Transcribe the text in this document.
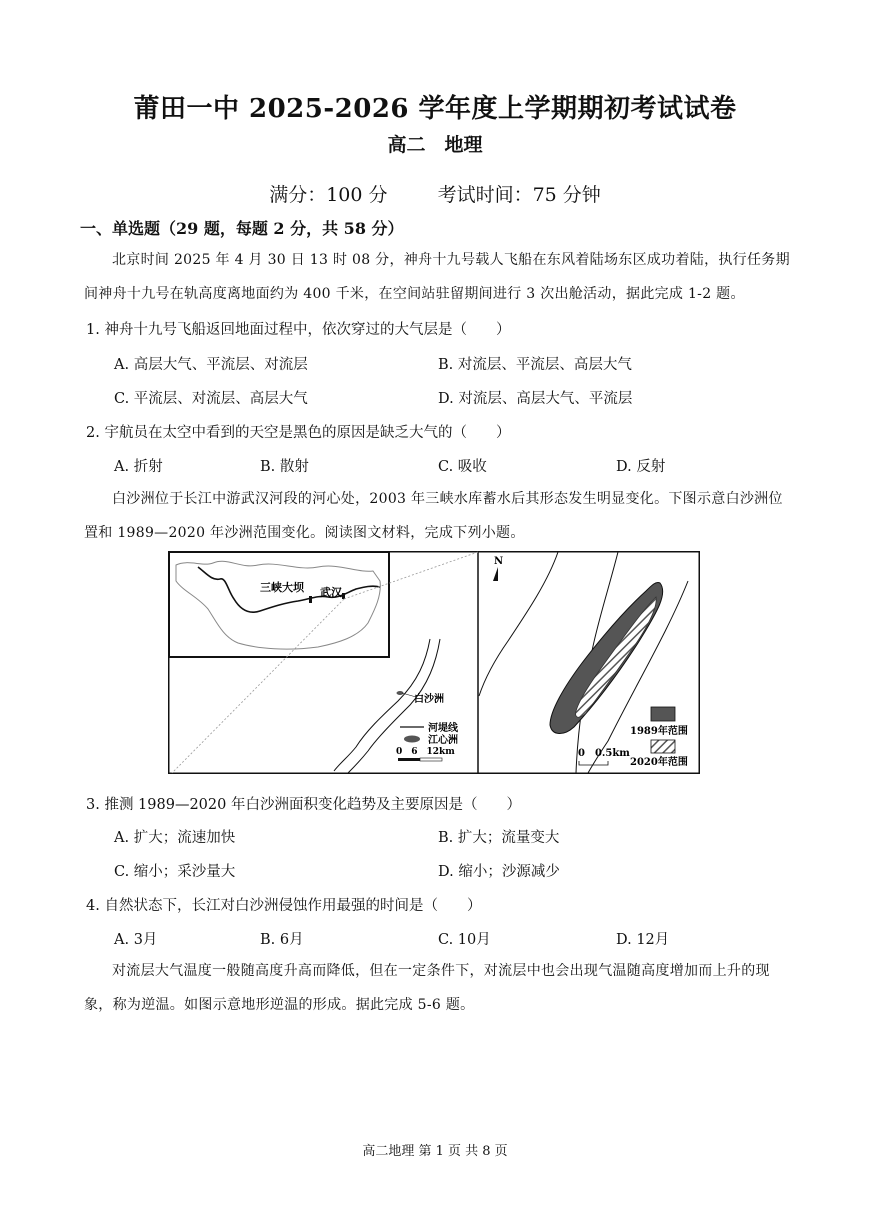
莆田一中 2025-2026 学年度上学期期初考试试卷
高二　地理
满分：100 分	考试时间：75 分钟
一、单选题（29 题，每题 2 分，共 58 分）
北京时间 2025 年 4 月 30 日 13 时 08 分，神舟十九号载人飞船在东风着陆场东区成功着陆，执行任务期间神舟十九号在轨高度离地面约为 400 千米，在空间站驻留期间进行 3 次出舱活动，据此完成 1-2 题。
1. 神舟十九号飞船返回地面过程中，依次穿过的大气层是（　　）
A. 高层大气、平流层、对流层	B. 对流层、平流层、高层大气
C. 平流层、对流层、高层大气	D. 对流层、高层大气、平流层
2. 宇航员在太空中看到的天空是黑色的原因是缺乏大气的（　　）
A. 折射	B. 散射	C. 吸收	D. 反射
白沙洲位于长江中游武汉河段的河心处，2003 年三峡水库蓄水后其形态发生明显变化。下图示意白沙洲位置和 1989—2020 年沙洲范围变化。阅读图文材料，完成下列小题。
三峡大坝 武汉
白沙洲
河堤线
江心洲
0　6　12km
N
1989年范围
2020年范围
0　0.5km
3. 推测 1989—2020 年白沙洲面积变化趋势及主要原因是（　　）
A. 扩大；流速加快	B. 扩大；流量变大
C. 缩小；采沙量大	D. 缩小；沙源减少
4. 自然状态下，长江对白沙洲侵蚀作用最强的时间是（　　）
A. 3月	B. 6月	C. 10月	D. 12月
对流层大气温度一般随高度升高而降低，但在一定条件下，对流层中也会出现气温随高度增加而上升的现象，称为逆温。如图示意地形逆温的形成。据此完成 5-6 题。
高二地理 第 1 页 共 8 页
